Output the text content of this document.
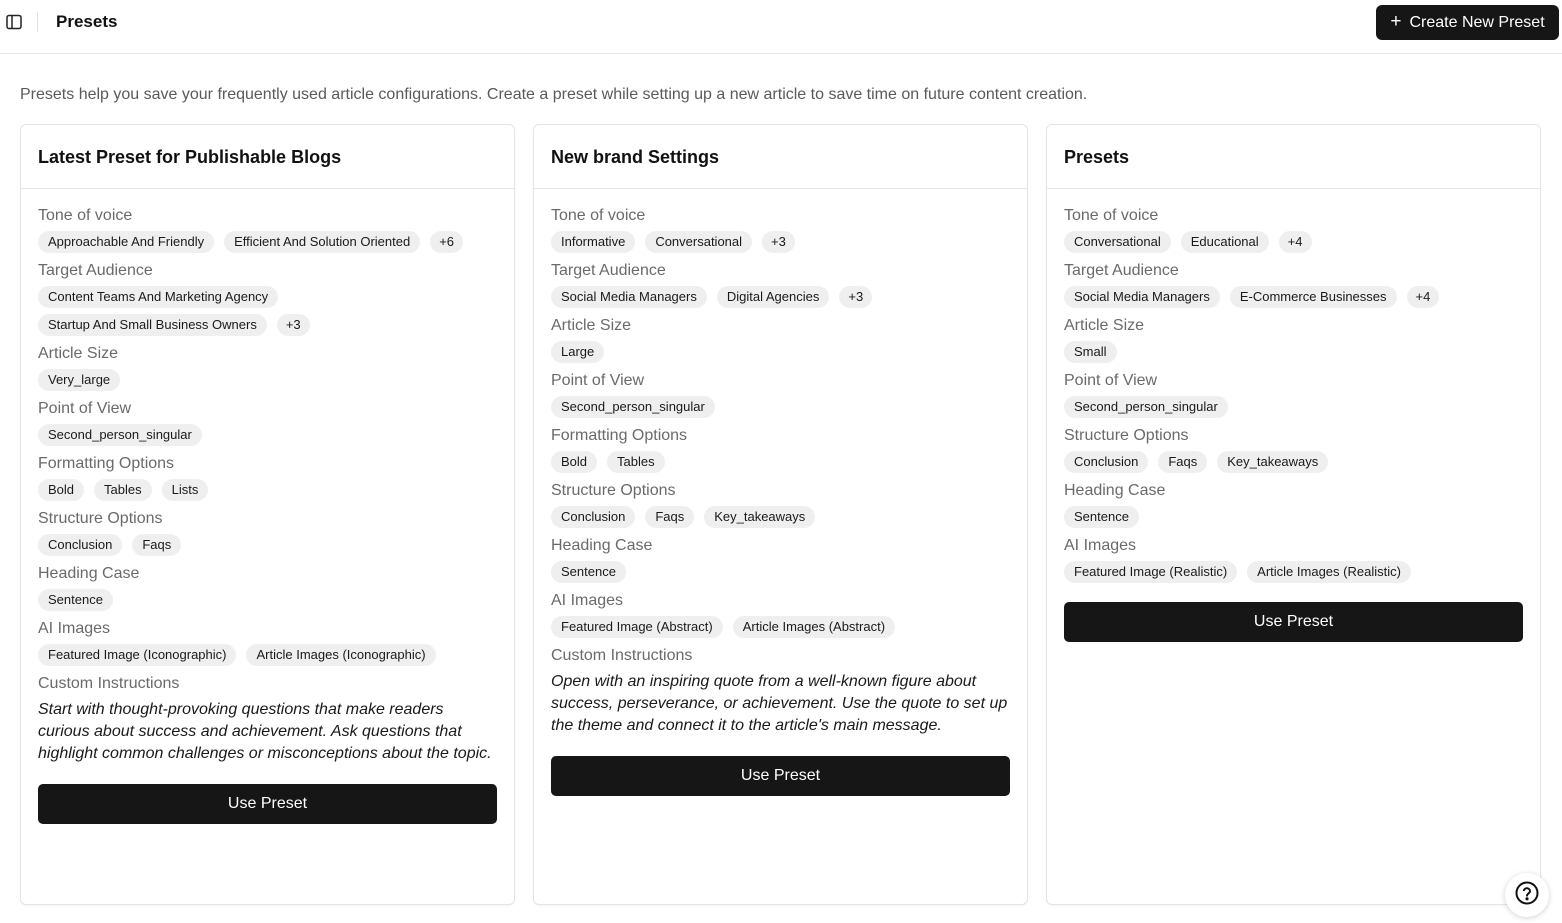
Presets	+ Create New Preset
Presets help you save your frequently used article configurations. Create a preset while setting up a new article to save time on future content creation.
Latest Preset for Publishable Blogs
Tone of voice
Approachable And Friendly	Efficient And Solution Oriented	+6
Target Audience
Content Teams And Marketing Agency
Startup And Small Business Owners	+3
Article Size
Very_large
Point of View
Second_person_singular
Formatting Options
Bold	Tables	Lists
Structure Options
Conclusion	Faqs
Heading Case
Sentence
AI Images
Featured Image (Iconographic)	Article Images (Iconographic)
Custom Instructions
Start with thought-provoking questions that make readers curious about success and achievement. Ask questions that highlight common challenges or misconceptions about the topic.
Use Preset
New brand Settings
Tone of voice
Informative	Conversational	+3
Target Audience
Social Media Managers	Digital Agencies	+3
Article Size
Large
Point of View
Second_person_singular
Formatting Options
Bold	Tables
Structure Options
Conclusion	Faqs	Key_takeaways
Heading Case
Sentence
AI Images
Featured Image (Abstract)	Article Images (Abstract)
Custom Instructions
Open with an inspiring quote from a well-known figure about success, perseverance, or achievement. Use the quote to set up the theme and connect it to the article's main message.
Use Preset
Presets
Tone of voice
Conversational	Educational	+4
Target Audience
Social Media Managers	E-Commerce Businesses	+4
Article Size
Small
Point of View
Second_person_singular
Structure Options
Conclusion	Faqs	Key_takeaways
Heading Case
Sentence
AI Images
Featured Image (Realistic)	Article Images (Realistic)
Use Preset
